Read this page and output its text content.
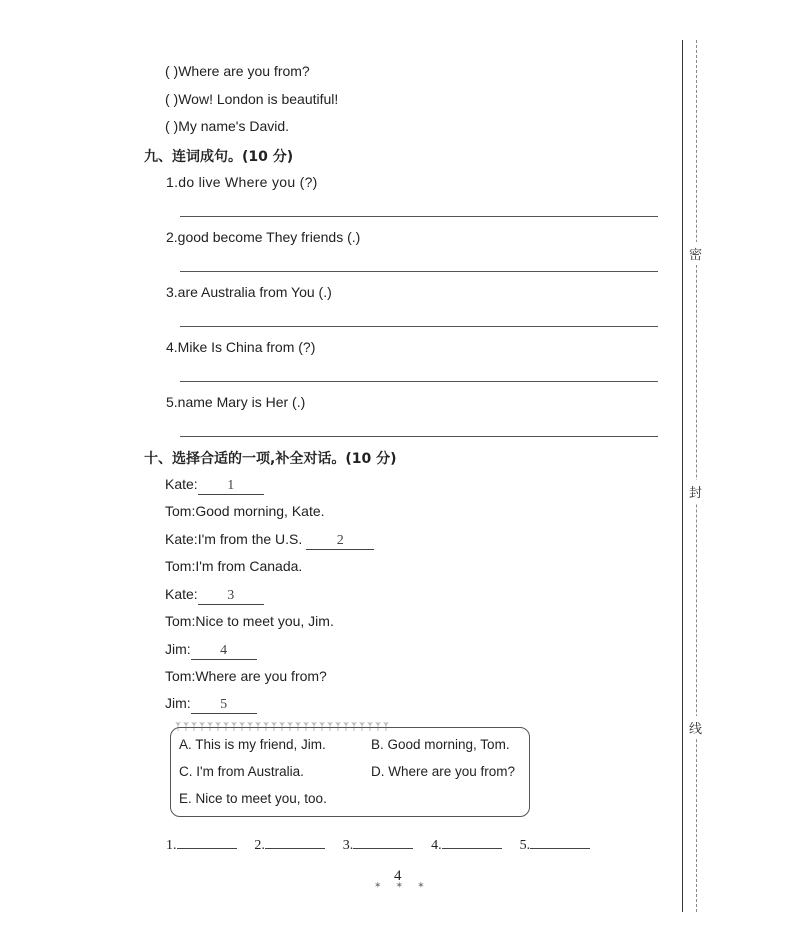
( )Where are you from?
( )Wow! London is beautiful!
( )My name's David.
九、连词成句。(10 分)
1.do live Where you (?)
2.good become They friends (.)
3.are Australia from You (.)
4.Mike Is China from (?)
5.name Mary is Her (.)
十、选择合适的一项,补全对话。(10 分)
Kate: 1
Tom:Good morning, Kate.
Kate:I'm from the U.S. 2
Tom:I'm from Canada.
Kate: 3
Tom:Nice to meet you, Jim.
Jim: 4
Tom:Where are you from?
Jim: 5
ᛉᛉᛉᛉᛉᛉᛉᛉᛉᛉᛉᛉᛉᛉᛉᛉᛉᛉᛉᛉᛉᛉᛉᛉᛉᛉᛉ
A. This is my friend, Jim.	B. Good morning, Tom.
C. I'm from Australia.	D. Where are you from?
E. Nice to meet you, too.
1.	2.	3.	4.	5.
4
✶✶✶
密
封
线
